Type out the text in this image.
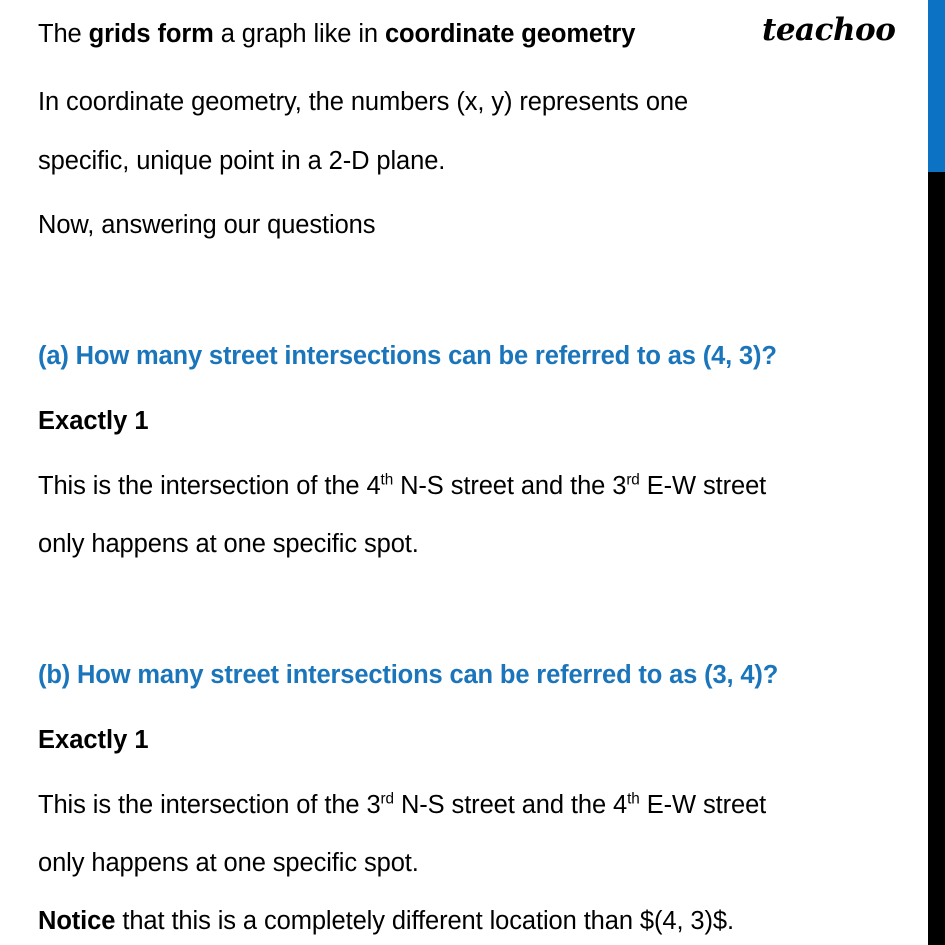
The grids form a graph like in coordinate geometry
In coordinate geometry, the numbers (x, y) represents one
specific, unique point in a 2-D plane.
Now, answering our questions
(a) How many street intersections can be referred to as (4, 3)?
Exactly 1
This is the intersection of the 4th N-S street and the 3rd E-W street
only happens at one specific spot.
(b) How many street intersections can be referred to as (3, 4)?
Exactly 1
This is the intersection of the 3rd N-S street and the 4th E-W street
only happens at one specific spot.
Notice that this is a completely different location than $(4, 3)$.
teachoo
